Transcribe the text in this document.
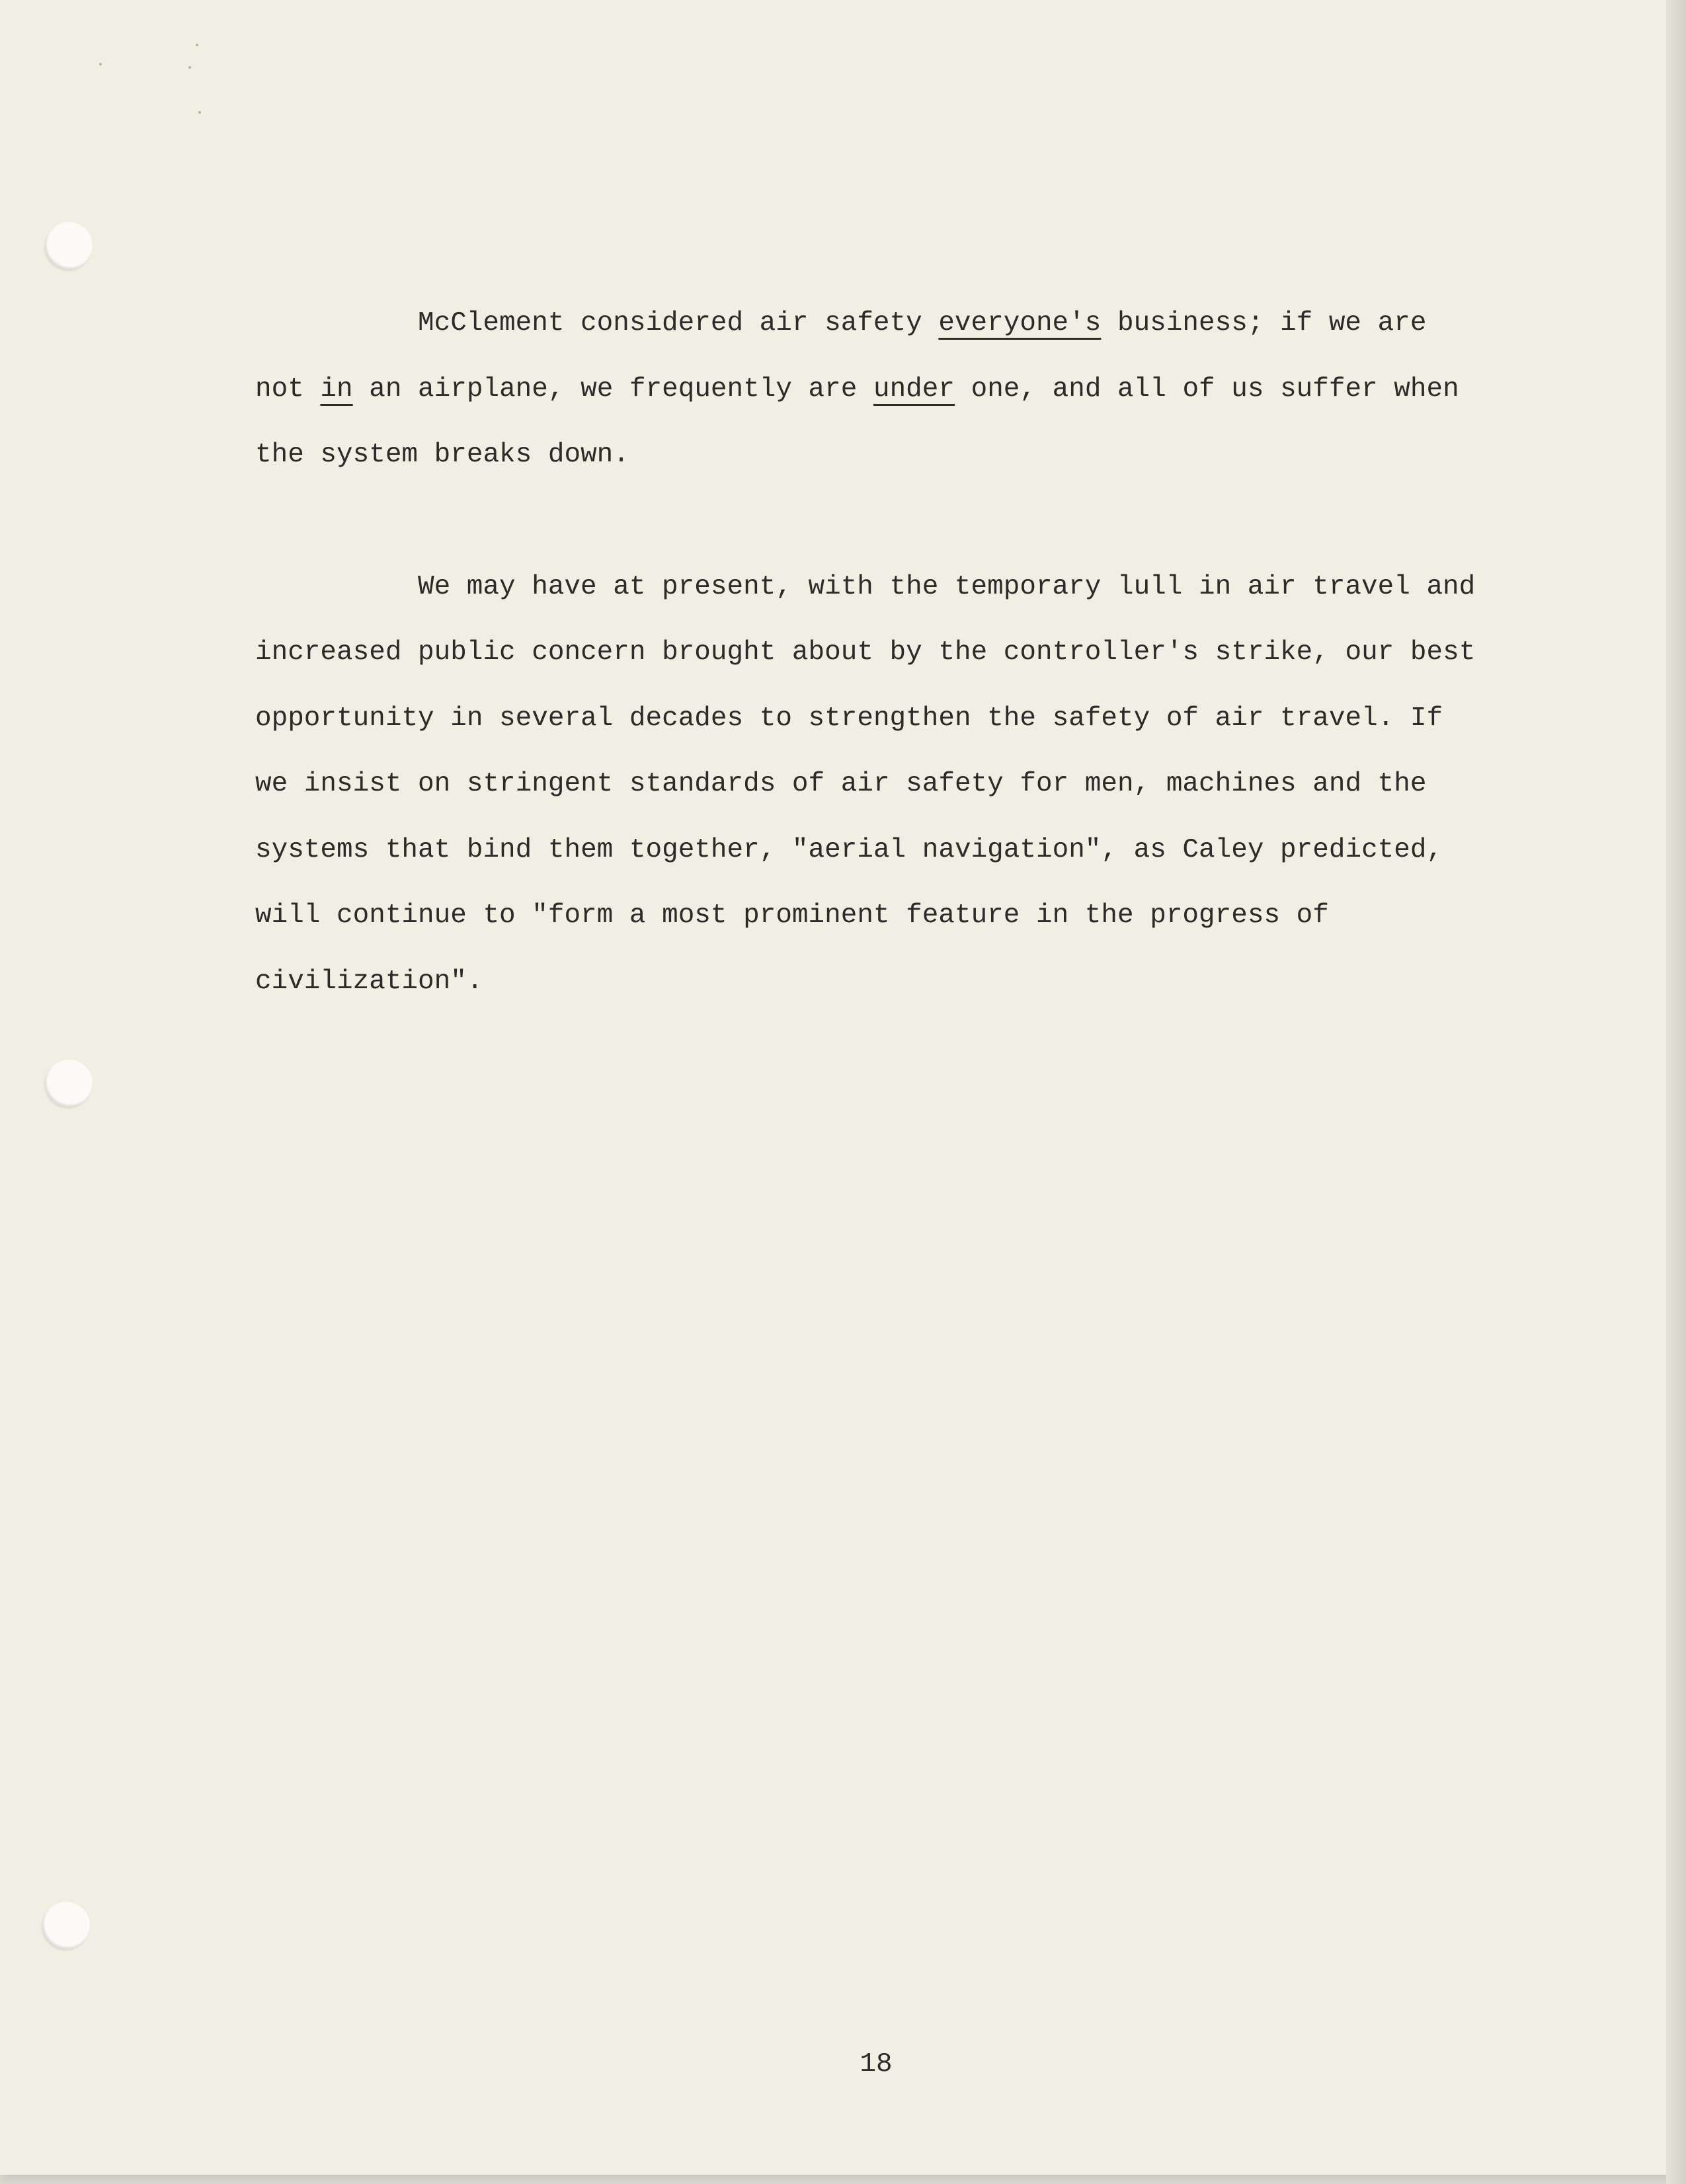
McClement considered air safety everyone's business; if we are
not in an airplane, we frequently are under one, and all of us suffer when
the system breaks down.
We may have at present, with the temporary lull in air travel and
increased public concern brought about by the controller's strike, our best
opportunity in several decades to strengthen the safety of air travel. If
we insist on stringent standards of air safety for men, machines and the
systems that bind them together, "aerial navigation", as Caley predicted,
will continue to "form a most prominent feature in the progress of
civilization".
18
